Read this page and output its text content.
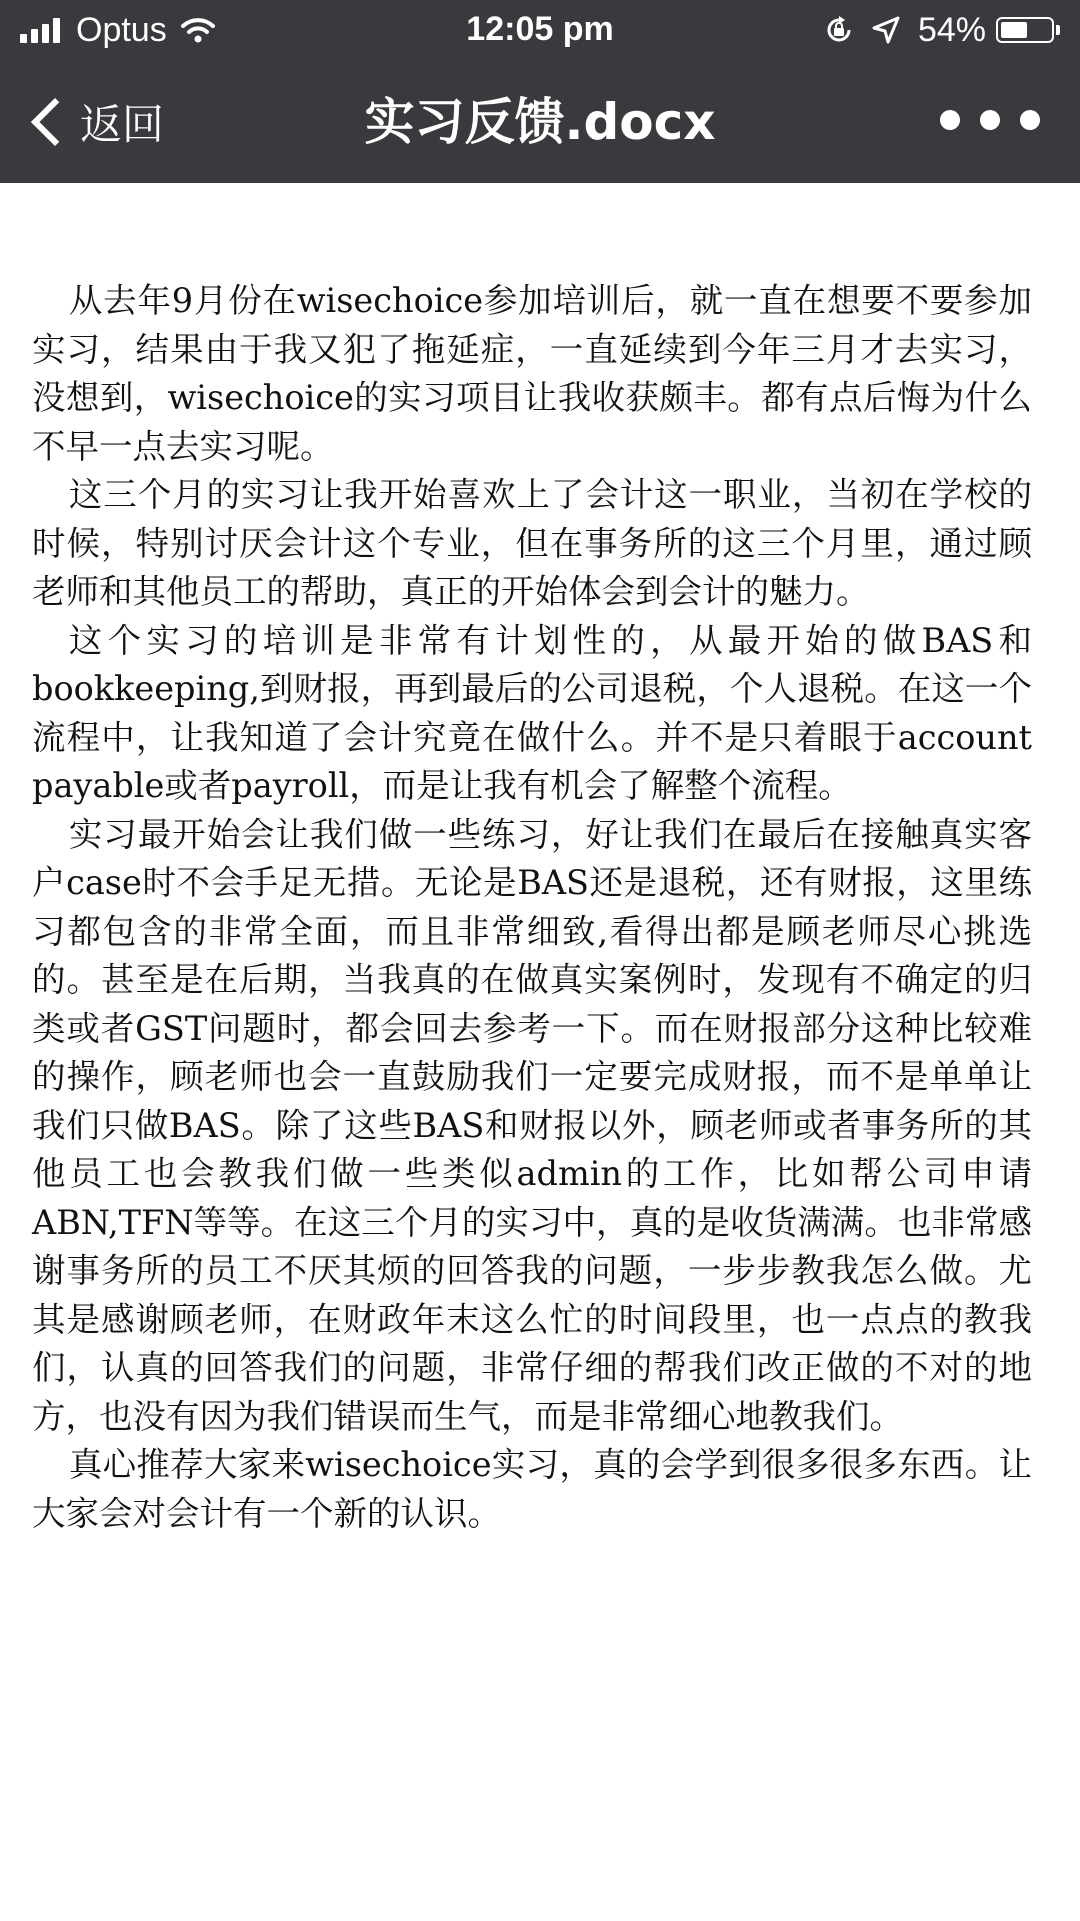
Optus	12:05 pm	54%
返回	实习反馈.docx

从去年9月份在wisechoice参加培训后，就一直在想要不要参加实习，结果由于我又犯了拖延症，一直延续到今年三月才去实习，没想到，wisechoice的实习项目让我收获颇丰。都有点后悔为什么不早一点去实习呢。

这三个月的实习让我开始喜欢上了会计这一职业，当初在学校的时候，特别讨厌会计这个专业，但在事务所的这三个月里，通过顾老师和其他员工的帮助，真正的开始体会到会计的魅力。

这个实习的培训是非常有计划性的，从最开始的做BAS和bookkeeping,到财报，再到最后的公司退税，个人退税。在这一个流程中，让我知道了会计究竟在做什么。并不是只着眼于account payable或者payroll，而是让我有机会了解整个流程。

实习最开始会让我们做一些练习，好让我们在最后在接触真实客户case时不会手足无措。无论是BAS还是退税，还有财报，这里练习都包含的非常全面，而且非常细致,看得出都是顾老师尽心挑选的。甚至是在后期，当我真的在做真实案例时，发现有不确定的归类或者GST问题时，都会回去参考一下。而在财报部分这种比较难的操作，顾老师也会一直鼓励我们一定要完成财报，而不是单单让我们只做BAS。除了这些BAS和财报以外，顾老师或者事务所的其他员工也会教我们做一些类似admin的工作，比如帮公司申请ABN,TFN等等。在这三个月的实习中，真的是收货满满。也非常感谢事务所的员工不厌其烦的回答我的问题，一步步教我怎么做。尤其是感谢顾老师，在财政年末这么忙的时间段里，也一点点的教我们，认真的回答我们的问题，非常仔细的帮我们改正做的不对的地方，也没有因为我们错误而生气，而是非常细心地教我们。

真心推荐大家来wisechoice实习，真的会学到很多很多东西。让大家会对会计有一个新的认识。
